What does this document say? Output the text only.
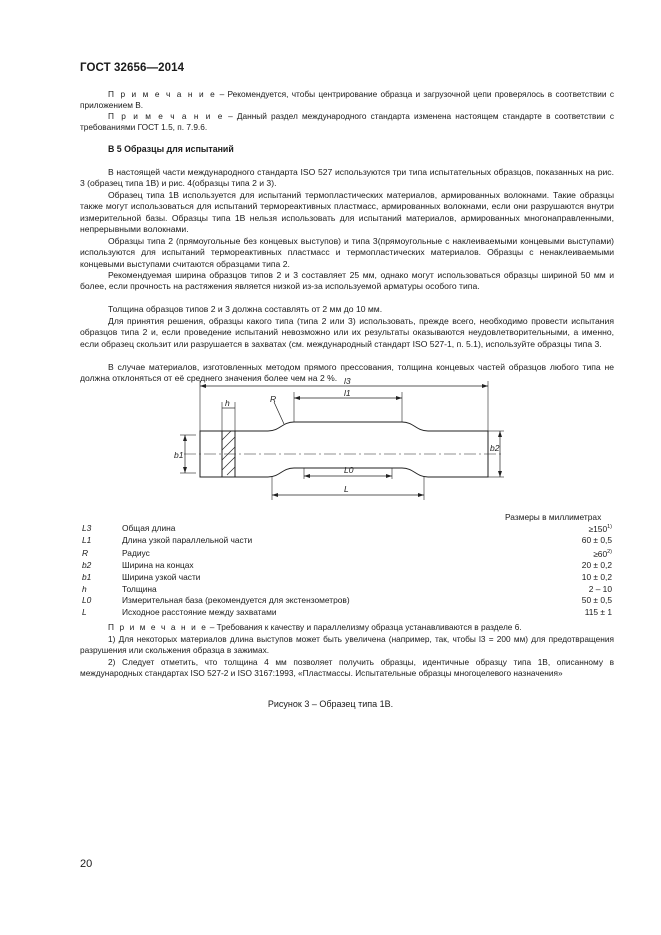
ГОСТ 32656—2014
П р и м е ч а н и е – Рекомендуется, чтобы центрирование образца и загрузочной цепи проверялось в соответствии с приложением В.
П р и м е ч а н и е – Данный раздел международного стандарта изменена настоящем стандарте в соответствии с требованиями ГОСТ 1.5, п. 7.9.6.
В 5 Образцы для испытаний
В настоящей части международного стандарта ISO 527 используются три типа испытательных образцов, показанных на рис. 3 (образец типа 1В) и рис. 4(образцы типа 2 и 3).
Образец типа 1В используется для испытаний термопластических материалов, армированных волокнами. Такие образцы также могут использоваться для испытаний термореактивных пластмасс, армированных волокнами, если они разрушаются внутри измерительной базы. Образцы типа 1В нельзя использовать для испытаний материалов, армированных многонаправленными, непрерывными волокнами.
Образцы типа 2 (прямоугольные без концевых выступов) и типа 3(прямоугольные с наклеиваемыми концевыми выступами) используются для испытаний термореактивных пластмасс и термопластических материалов. Образцы с ненаклеиваемыми концевыми выступами считаются образцами типа 2.
Рекомендуемая ширина образцов типов 2 и 3 составляет 25 мм, однако могут использоваться образцы шириной 50 мм и более, если прочность на растяжения является низкой из-за используемой арматуры особого типа.
Толщина образцов типов 2 и 3 должна составлять от 2 мм до 10 мм.
Для принятия решения, образцы какого типа (типа 2 или 3) использовать, прежде всего, необходимо провести испытания образцов типа 2 и, если проведение испытаний невозможно или их результаты оказываются неудовлетворительными, а именно, если образец скользит или разрушается в захватах (см. международный стандарт ISO 527-1, п. 5.1), используйте образцы типа 3.
В случае материалов, изготовленных методом прямого прессования, толщина концевых частей образцов любого типа не должна отклоняться от её среднего значения более чем на 2 %. l3
l1
h	R
L0
L
b1
b2
Размеры в миллиметрах
L3	Общая длина	$\ge 150^{1)}$
L1	Длина узкой параллельной части	60 ± 0,5
R	Радиус	$\ge 60^{2)}$
b2	Ширина на концах	20 ± 0,2
b1	Ширина узкой части	10 ± 0,2
h	Толщина	2 – 10
L0	Измерительная база (рекомендуется для экстензометров)	50 ± 0,5
L	Исходное расстояние между захватами	115 ± 1
П р и м е ч а н и е – Требования к качеству и параллелизму образца устанавливаются в разделе 6.
1) Для некоторых материалов длина выступов может быть увеличена (например, так, чтобы l3 = 200 мм) для предотвращения разрушения или скольжения образца в зажимах.
2) Следует отметить, что толщина 4 мм позволяет получить образцы, идентичные образцу типа 1В, описанному в международных стандартах ISO 527-2 и ISO 3167:1993, «Пластмассы. Испытательные образцы многоцелевого назначения»
Рисунок 3 – Образец типа 1В.
20
